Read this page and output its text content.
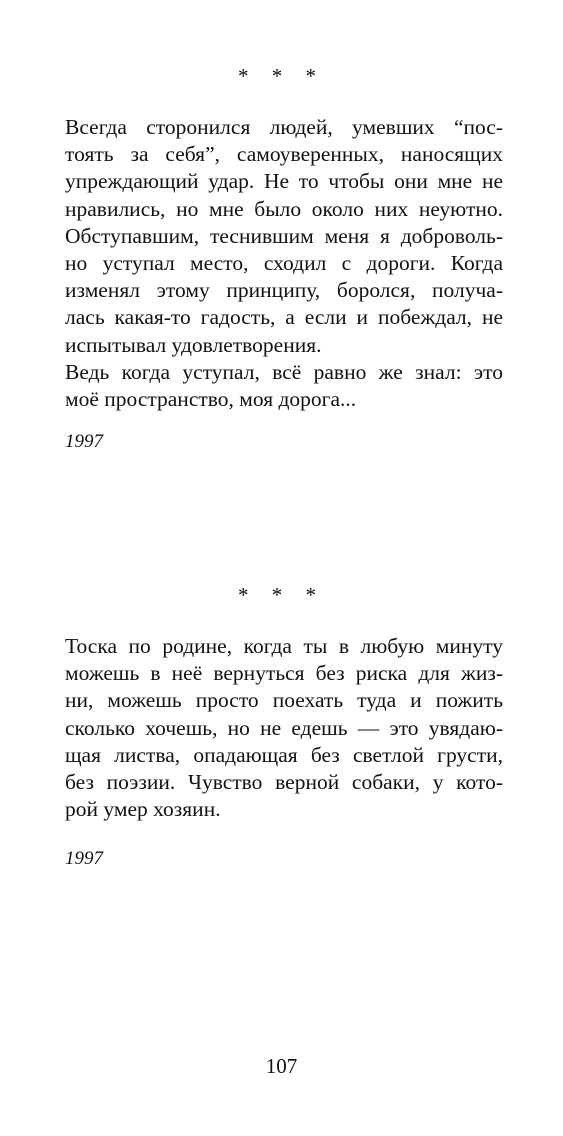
* * *

Всегда сторонился людей, умевших “пос-
тоять за себя”, самоуверенных, наносящих
упреждающий удар. Не то чтобы они мне не
нравились, но мне было около них неуютно.
Обступавшим, теснившим меня я доброволь-
но уступал место, сходил с дороги. Когда
изменял этому принципу, боролся, получа-
лась какая-то гадость, а если и побеждал, не
испытывал удовлетворения.
Ведь когда уступал, всё равно же знал: это
моё пространство, моя дорога...

1997
* * *

Тоска по родине, когда ты в любую минуту
можешь в неё вернуться без риска для жиз-
ни, можешь просто поехать туда и пожить
сколько хочешь, но не едешь — это увядаю-
щая листва, опадающая без светлой грусти,
без поэзии. Чувство верной собаки, у кото-
рой умер хозяин.

1997
107
